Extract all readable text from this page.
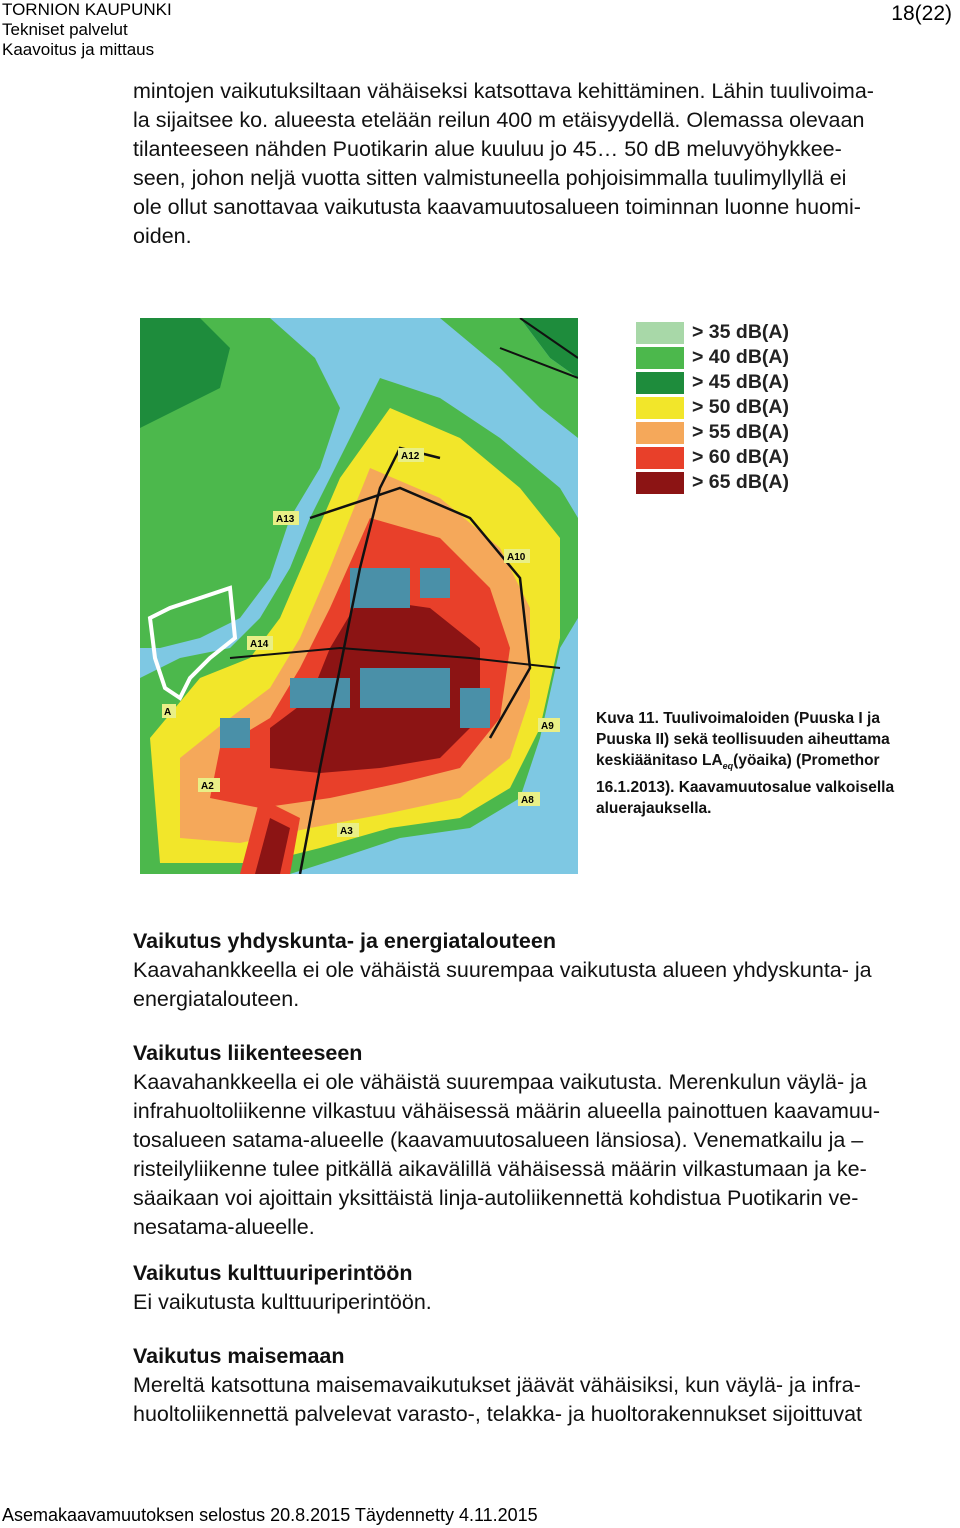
TORNION KAUPUNKI
Tekniset palvelut
Kaavoitus ja mittaus
18(22)

mintojen vaikutuksiltaan vähäiseksi katsottava kehittäminen. Lähin tuulivoima-

la sijaitsee ko. alueesta etelään reilun 400 m etäisyydellä. Olemassa olevaan

tilanteeseen nähden Puotikarin alue kuuluu jo 45… 50 dB meluvyöhykkee-

seen, johon neljä vuotta sitten valmistuneella pohjoisimmalla tuulimyllyllä ei

ole ollut sanottavaa vaikutusta kaavamuutosalueen toiminnan luonne huomi-

oiden.

A12
A13
A10
A14
A
A9
A2
A8
A3
> 35 dB(A)
> 40 dB(A)
> 45 dB(A)
> 50 dB(A)
> 55 dB(A)
> 60 dB(A)
> 65 dB(A)
Kuva 11. Tuulivoimaloiden (Puuska I ja
Puuska II) sekä teollisuuden aiheuttama
keskiäänitaso $LA_{eq}(yöaika)$ (Promethor
16.1.2013). Kaavamuutosalue valkoisella
aluerajauksella.

Vaikutus yhdyskunta- ja energiatalouteen

Kaavahankkeella ei ole vähäistä suurempaa vaikutusta alueen yhdyskunta- ja

energiatalouteen.

Vaikutus liikenteeseen

Kaavahankkeella ei ole vähäistä suurempaa vaikutusta. Merenkulun väylä- ja

infrahuoltoliikenne vilkastuu vähäisessä määrin alueella painottuen kaavamuu-

tosalueen satama-alueelle (kaavamuutosalueen länsiosa). Venematkailu ja –

risteilyliikenne tulee pitkällä aikavälillä vähäisessä määrin vilkastumaan ja ke-

säaikaan voi ajoittain yksittäistä linja-autoliikennettä kohdistua Puotikarin ve-

nesatama-alueelle.

Vaikutus kulttuuriperintöön

Ei vaikutusta kulttuuriperintöön.

Vaikutus maisemaan

Mereltä katsottuna maisemavaikutukset jäävät vähäisiksi, kun väylä- ja infra-

huoltoliikennettä palvelevat varasto-, telakka- ja huoltorakennukset sijoittuvat

Asemakaavamuutoksen selostus 20.8.2015 Täydennetty 4.11.2015
